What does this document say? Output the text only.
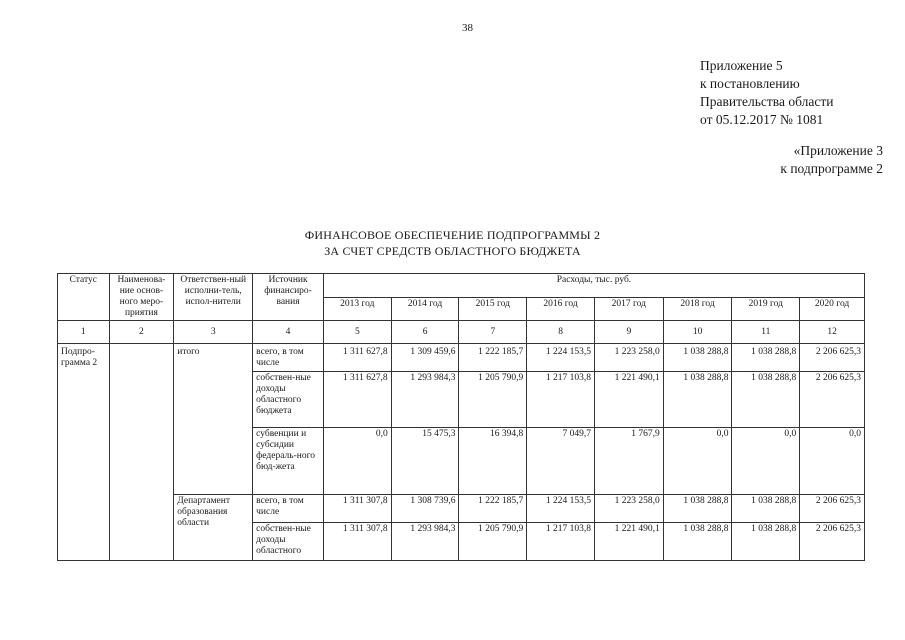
38
Приложение 5
к постановлению
Правительства области
от 05.12.2017 № 1081
«Приложение 3
к подпрограмме 2
ФИНАНСОВОЕ ОБЕСПЕЧЕНИЕ ПОДПРОГРАММЫ 2
ЗА СЧЕТ СРЕДСТВ ОБЛАСТНОГО БЮДЖЕТА
Статус	Наименова-ние основ-ного меро-приятия	Ответствен-ный исполни-тель, испол-нители	Источник финансиро-вания	Расходы, тыс. руб.							
				2013 год	2014 год	2015 год	2016 год	2017 год	2018 год	2019 год	2020 год
1	2	3	4	5	6	7	8	9	10	11	12
Подпро-грамма 2		итого	всего, в том числе	1 311 627,8	1 309 459,6	1 222 185,7	1 224 153,5	1 223 258,0	1 038 288,8	1 038 288,8	2 206 625,3
			собствен-ные доходы областного бюджета	1 311 627,8	1 293 984,3	1 205 790,9	1 217 103,8	1 221 490,1	1 038 288,8	1 038 288,8	2 206 625,3
			субвенции и субсидии федераль-ного бюд-жета	0,0	15 475,3	16 394,8	7 049,7	1 767,9	0,0	0,0	0,0
		Департамент образования области	всего, в том числе	1 311 307,8	1 308 739,6	1 222 185,7	1 224 153,5	1 223 258,0	1 038 288,8	1 038 288,8	2 206 625,3
			собствен-ные доходы областного	1 311 307,8	1 293 984,3	1 205 790,9	1 217 103,8	1 221 490,1	1 038 288,8	1 038 288,8	2 206 625,3
